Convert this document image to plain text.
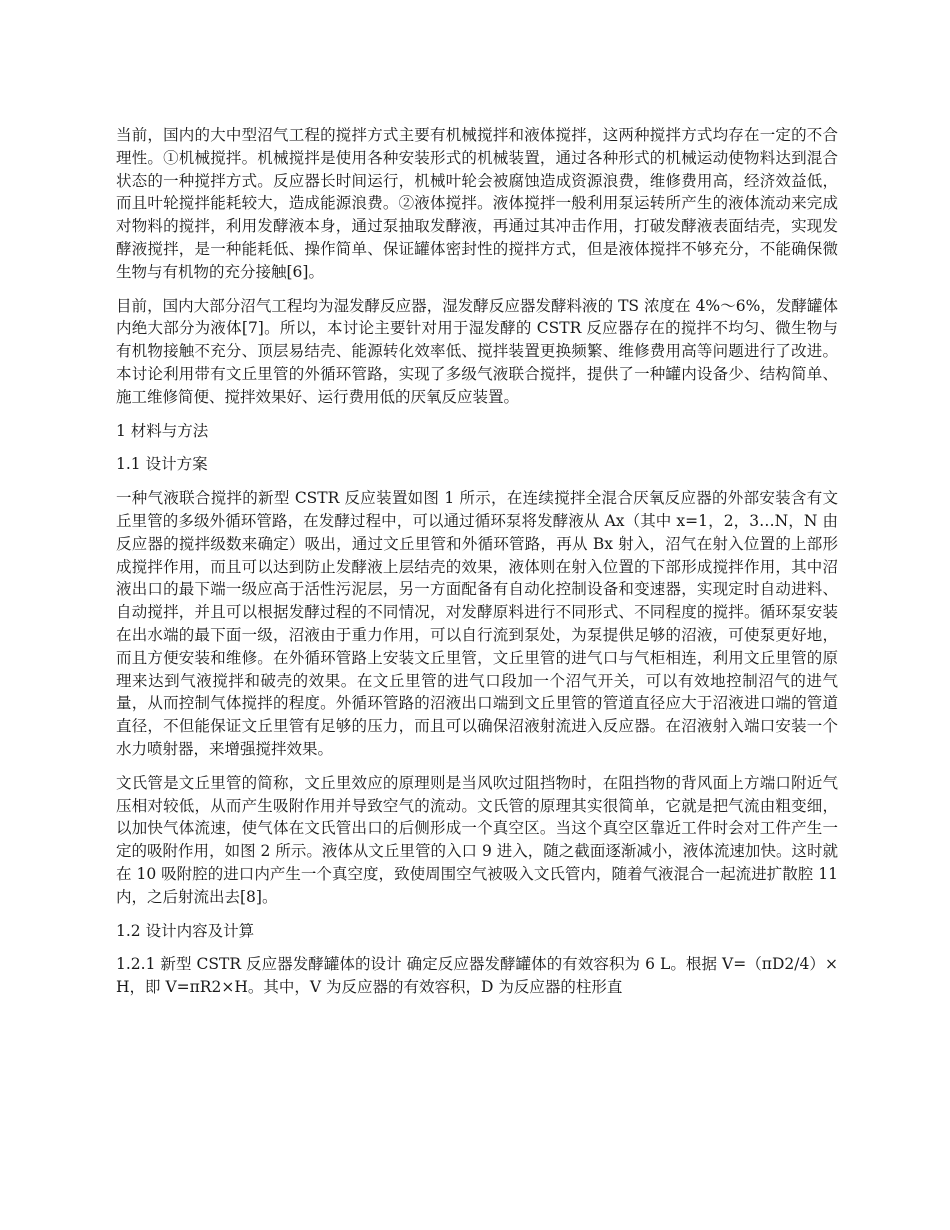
当前，国内的大中型沼气工程的搅拌方式主要有机械搅拌和液体搅拌，这两种搅拌方式均存在一定的不合理性。①机械搅拌。机械搅拌是使用各种安装形式的机械装置，通过各种形式的机械运动使物料达到混合状态的一种搅拌方式。反应器长时间运行，机械叶轮会被腐蚀造成资源浪费，维修费用高，经济效益低，而且叶轮搅拌能耗较大，造成能源浪费。②液体搅拌。液体搅拌一般利用泵运转所产生的液体流动来完成对物料的搅拌，利用发酵液本身，通过泵抽取发酵液，再通过其冲击作用，打破发酵液表面结壳，实现发酵液搅拌，是一种能耗低、操作简单、保证罐体密封性的搅拌方式，但是液体搅拌不够充分，不能确保微生物与有机物的充分接触[6]。

目前，国内大部分沼气工程均为湿发酵反应器，湿发酵反应器发酵料液的 TS 浓度在 4%～6%，发酵罐体内绝大部分为液体[7]。所以，本讨论主要针对用于湿发酵的 CSTR 反应器存在的搅拌不均匀、微生物与有机物接触不充分、顶层易结壳、能源转化效率低、搅拌装置更换频繁、维修费用高等问题进行了改进。本讨论利用带有文丘里管的外循环管路，实现了多级气液联合搅拌，提供了一种罐内设备少、结构简单、施工维修简便、搅拌效果好、运行费用低的厌氧反应装置。

1 材料与方法

1.1 设计方案

一种气液联合搅拌的新型 CSTR 反应装置如图 1 所示，在连续搅拌全混合厌氧反应器的外部安装含有文丘里管的多级外循环管路，在发酵过程中，可以通过循环泵将发酵液从 Ax（其中 x=1，2，3…N，N 由反应器的搅拌级数来确定）吸出，通过文丘里管和外循环管路，再从 Bx 射入，沼气在射入位置的上部形成搅拌作用，而且可以达到防止发酵液上层结壳的效果，液体则在射入位置的下部形成搅拌作用，其中沼液出口的最下端一级应高于活性污泥层，另一方面配备有自动化控制设备和变速器，实现定时自动进料、自动搅拌，并且可以根据发酵过程的不同情况，对发酵原料进行不同形式、不同程度的搅拌。循环泵安装在出水端的最下面一级，沼液由于重力作用，可以自行流到泵处，为泵提供足够的沼液，可使泵更好地，而且方便安装和维修。在外循环管路上安装文丘里管，文丘里管的进气口与气柜相连，利用文丘里管的原理来达到气液搅拌和破壳的效果。在文丘里管的进气口段加一个沼气开关，可以有效地控制沼气的进气量，从而控制气体搅拌的程度。外循环管路的沼液出口端到文丘里管的管道直径应大于沼液进口端的管道直径，不但能保证文丘里管有足够的压力，而且可以确保沼液射流进入反应器。在沼液射入端口安装一个水力喷射器，来增强搅拌效果。

文氏管是文丘里管的简称，文丘里效应的原理则是当风吹过阻挡物时，在阻挡物的背风面上方端口附近气压相对较低，从而产生吸附作用并导致空气的流动。文氏管的原理其实很简单，它就是把气流由粗变细，以加快气体流速，使气体在文氏管出口的后侧形成一个真空区。当这个真空区靠近工件时会对工件产生一定的吸附作用，如图 2 所示。液体从文丘里管的入口 9 进入，随之截面逐渐减小，液体流速加快。这时就在 10 吸附腔的进口内产生一个真空度，致使周围空气被吸入文氏管内，随着气液混合一起流进扩散腔 11 内，之后射流出去[8]。

1.2 设计内容及计算

1.2.1 新型 CSTR 反应器发酵罐体的设计 确定反应器发酵罐体的有效容积为 6 L。根据 V=（πD2/4）×H，即 V=πR2×H。其中，V 为反应器的有效容积，D 为反应器的柱形直
